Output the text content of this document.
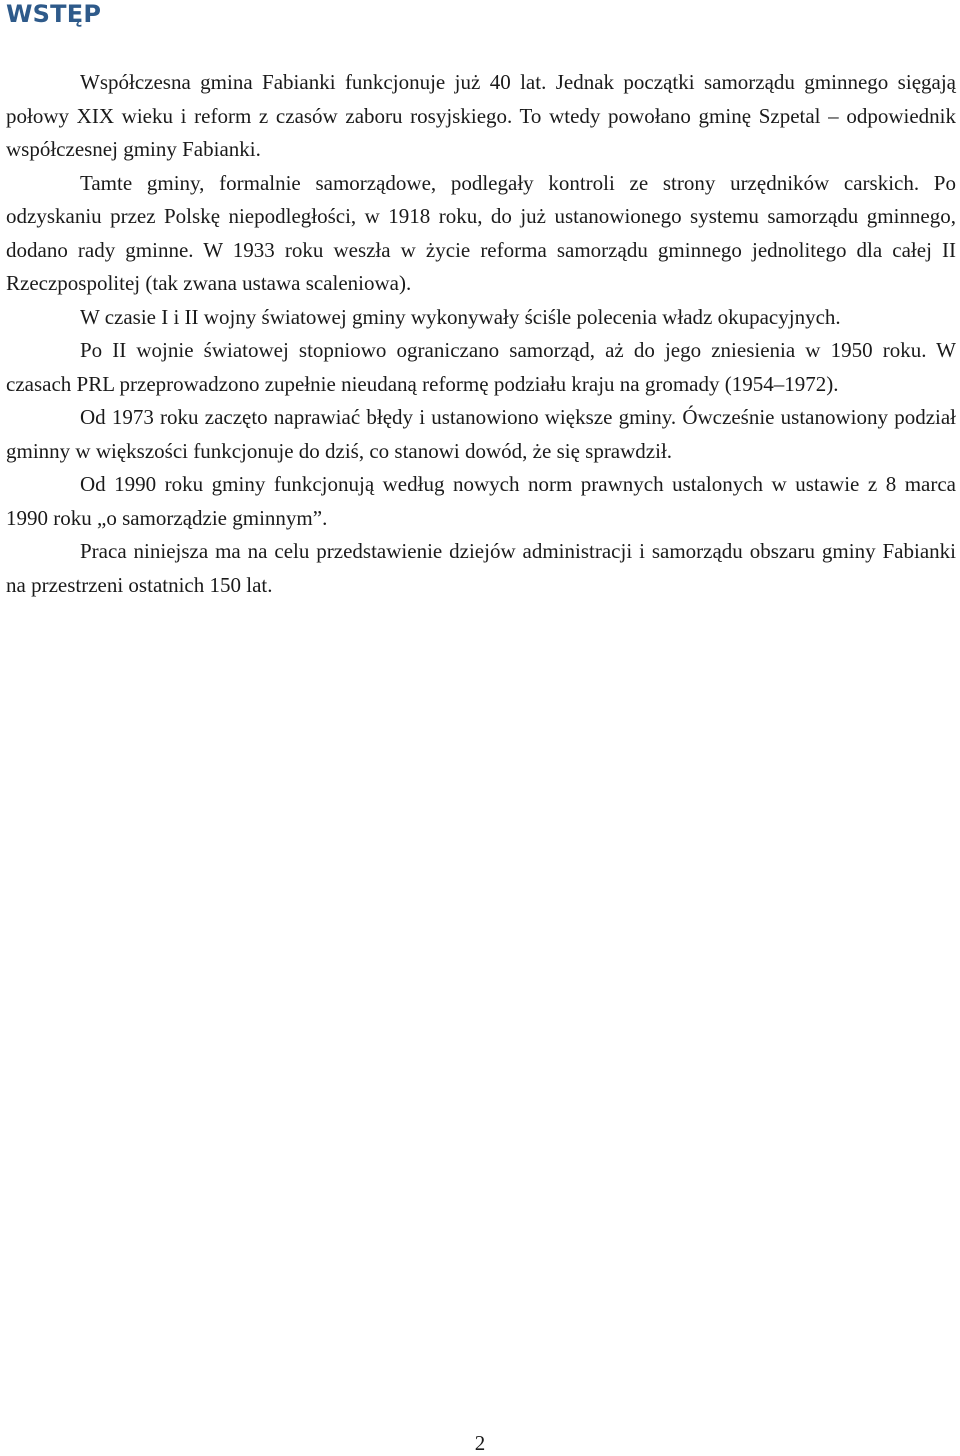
WSTĘP

Współczesna gmina Fabianki funkcjonuje już 40 lat. Jednak początki samorządu gminnego sięgają połowy XIX wieku i reform z czasów zaboru rosyjskiego. To wtedy powołano gminę Szpetal – odpowiednik współczesnej gminy Fabianki.

Tamte gminy, formalnie samorządowe, podlegały kontroli ze strony urzędników carskich. Po odzyskaniu przez Polskę niepodległości, w 1918 roku, do już ustanowionego systemu samorządu gminnego, dodano rady gminne. W 1933 roku weszła w życie reforma samorządu gminnego jednolitego dla całej II Rzeczpospolitej (tak zwana ustawa scaleniowa).

W czasie I i II wojny światowej gminy wykonywały ściśle polecenia władz okupacyjnych.

Po II wojnie światowej stopniowo ograniczano samorząd, aż do jego zniesienia w 1950 roku. W czasach PRL przeprowadzono zupełnie nieudaną reformę podziału kraju na gromady (1954–1972).

Od 1973 roku zaczęto naprawiać błędy i ustanowiono większe gminy. Ówcześnie ustanowiony podział gminny w większości funkcjonuje do dziś, co stanowi dowód, że się sprawdził.

Od 1990 roku gminy funkcjonują według nowych norm prawnych ustalonych w ustawie z 8 marca 1990 roku „o samorządzie gminnym”.

Praca niniejsza ma na celu przedstawienie dziejów administracji i samorządu obszaru gminy Fabianki na przestrzeni ostatnich 150 lat.

2
